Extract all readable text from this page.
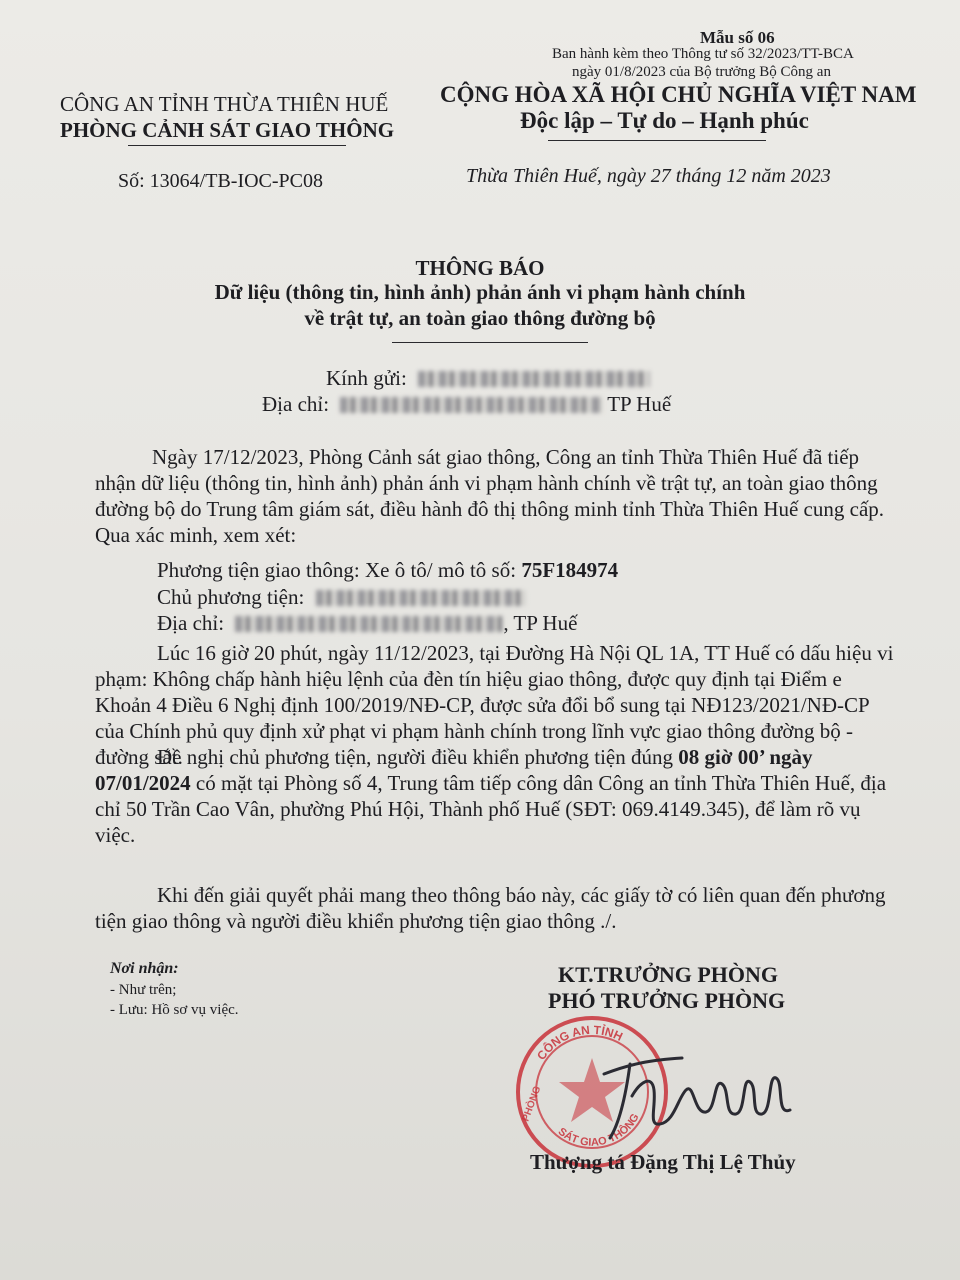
Mẫu số 06
Ban hành kèm theo Thông tư số 32/2023/TT-BCA
ngày 01/8/2023 của Bộ trưởng Bộ Công an
CÔNG AN TỈNH THỪA THIÊN HUẾ
PHÒNG CẢNH SÁT GIAO THÔNG
Số: 13064/TB-IOC-PC08
CỘNG HÒA XÃ HỘI CHỦ NGHĨA VIỆT NAM
Độc lập – Tự do – Hạnh phúc
Thừa Thiên Huế, ngày 27 tháng 12 năm 2023
THÔNG BÁO
Dữ liệu (thông tin, hình ảnh) phản ánh vi phạm hành chính
về trật tự, an toàn giao thông đường bộ
Kính gửi:
Địa chỉ:	TP Huế
Ngày 17/12/2023, Phòng Cảnh sát giao thông, Công an tỉnh Thừa Thiên Huế đã tiếp nhận dữ liệu (thông tin, hình ảnh) phản ánh vi phạm hành chính về trật tự, an toàn giao thông đường bộ do Trung tâm giám sát, điều hành đô thị thông minh tỉnh Thừa Thiên Huế cung cấp. Qua xác minh, xem xét:
Phương tiện giao thông: Xe ô tô/ mô tô số: 75F184974
Chủ phương tiện:
Địa chỉ:	, TP Huế
Lúc 16 giờ 20 phút, ngày 11/12/2023, tại Đường Hà Nội QL 1A, TT Huế có dấu hiệu vi phạm: Không chấp hành hiệu lệnh của đèn tín hiệu giao thông, được quy định tại Điểm e Khoản 4 Điều 6 Nghị định 100/2019/NĐ-CP, được sửa đổi bổ sung tại NĐ123/2021/NĐ-CP của Chính phủ quy định xử phạt vi phạm hành chính trong lĩnh vực giao thông đường bộ - đường sắt.
Đề nghị chủ phương tiện, người điều khiển phương tiện đúng 08 giờ 00’ ngày 07/01/2024 có mặt tại Phòng số 4, Trung tâm tiếp công dân Công an tỉnh Thừa Thiên Huế, địa chỉ 50 Trần Cao Vân, phường Phú Hội, Thành phố Huế (SĐT: 069.4149.345), để làm rõ vụ việc.
Khi đến giải quyết phải mang theo thông báo này, các giấy tờ có liên quan đến phương tiện giao thông và người điều khiển phương tiện giao thông ./.
Nơi nhận:
- Như trên;
- Lưu: Hồ sơ vụ việc.
KT.TRƯỞNG PHÒNG
PHÓ TRƯỞNG PHÒNG
CÔNG AN TỈNH
SÁT GIAO THÔNG
PHÒNG
Thượng tá Đặng Thị Lệ Thủy
